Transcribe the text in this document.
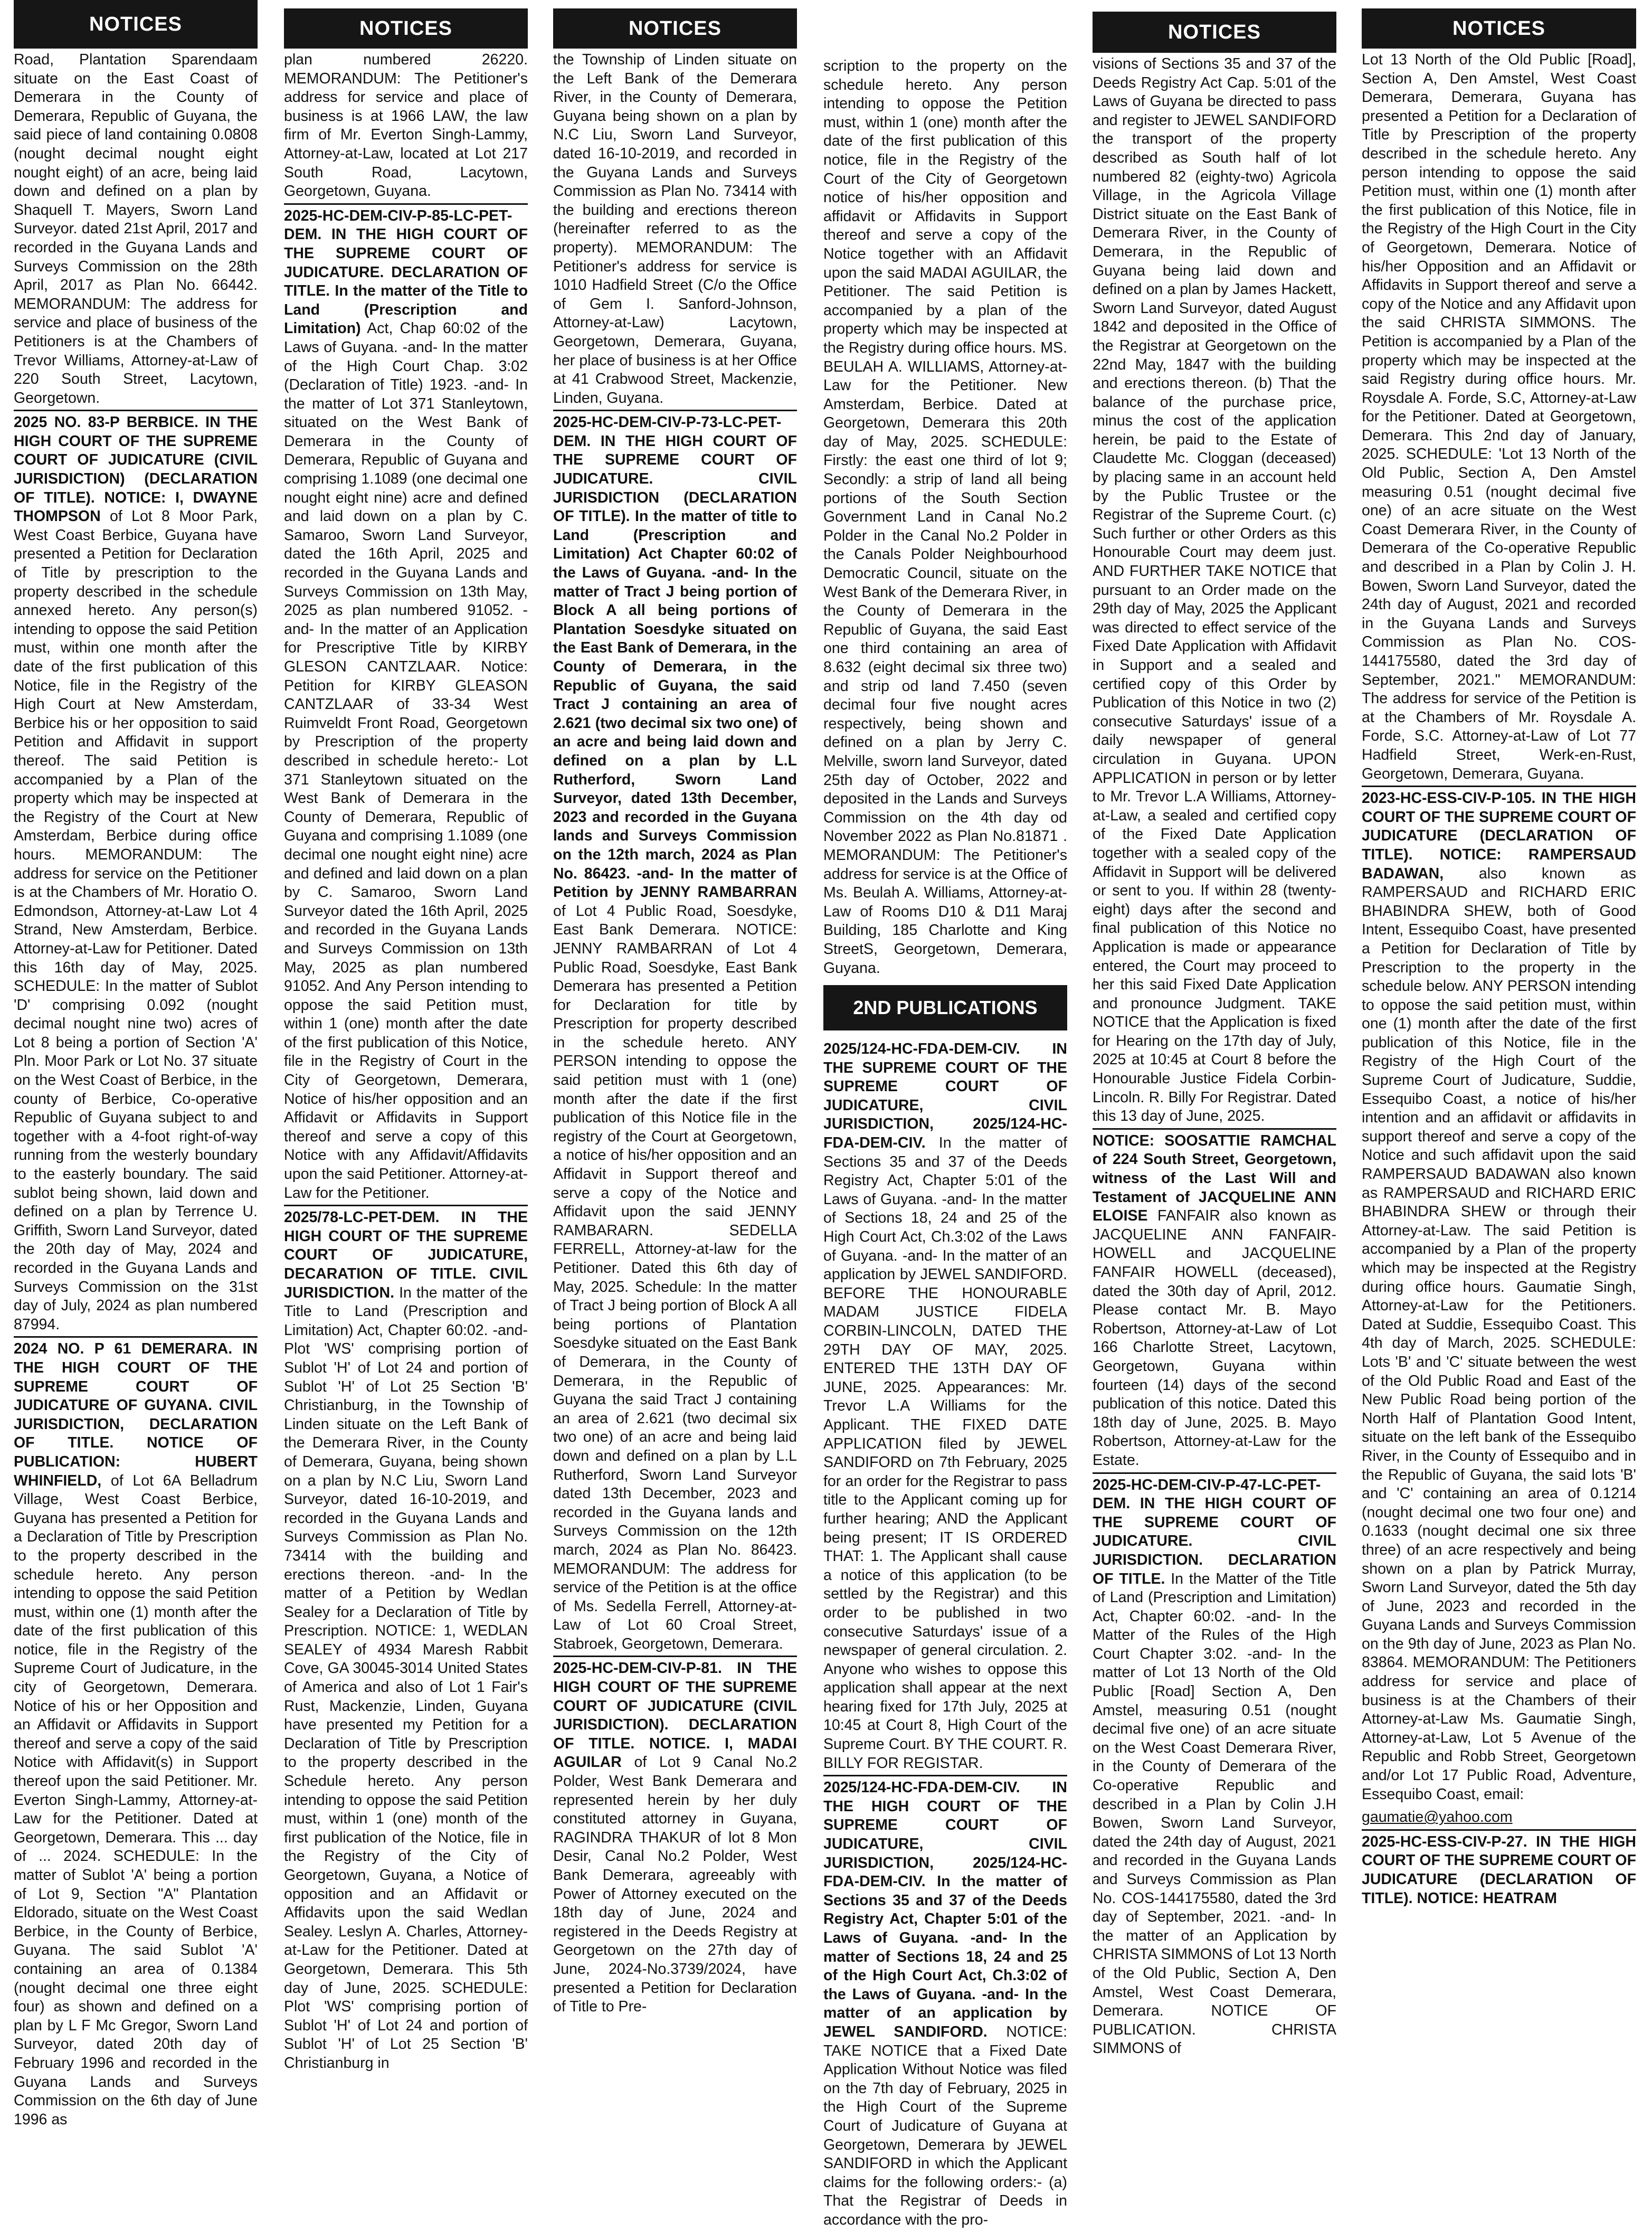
NOTICES

Road, Plantation Sparendaam situate on the East Coast of Demerara in the County of Demerara, Republic of Guyana, the said piece of land containing 0.0808 (nought decimal nought eight nought eight) of an acre, being laid down and defined on a plan by Shaquell T. Mayers, Sworn Land Surveyor. dated 21st April, 2017 and recorded in the Guyana Lands and Surveys Commission on the 28th April, 2017 as Plan No. 66442. MEMORANDUM: The address for service and place of business of the Petitioners is at the Chambers of Trevor Williams, Attorney-at-Law of 220 South Street, Lacytown, Georgetown.

2025 NO. 83-P BERBICE. IN THE HIGH COURT OF THE SUPREME COURT OF JUDICATURE (CIVIL JURISDICTION) (DECLARATION OF TITLE). NOTICE: I, DWAYNE THOMPSON of Lot 8 Moor Park, West Coast Berbice, Guyana have presented a Petition for Declaration of Title by prescription to the property described in the schedule annexed hereto. Any person(s) intending to oppose the said Petition must, within one month after the date of the first publication of this Notice, file in the Registry of the High Court at New Amsterdam, Berbice his or her opposition to said Petition and Affidavit in support thereof. The said Petition is accompanied by a Plan of the property which may be inspected at the Registry of the Court at New Amsterdam, Berbice during office hours. MEMORANDUM: The address for service on the Petitioner is at the Chambers of Mr. Horatio O. Edmondson, Attorney-at-Law Lot 4 Strand, New Amsterdam, Berbice. Attorney-at-Law for Petitioner. Dated this 16th day of May, 2025. SCHEDULE: In the matter of Sublot 'D' comprising 0.092 (nought decimal nought nine two) acres of Lot 8 being a portion of Section 'A' Pln. Moor Park or Lot No. 37 situate on the West Coast of Berbice, in the county of Berbice, Co-operative Republic of Guyana subject to and together with a 4-foot right-of-way running from the westerly boundary to the easterly boundary. The said sublot being shown, laid down and defined on a plan by Terrence U. Griffith, Sworn Land Surveyor, dated the 20th day of May, 2024 and recorded in the Guyana Lands and Surveys Commission on the 31st day of July, 2024 as plan numbered 87994.

2024 NO. P 61 DEMERARA. IN THE HIGH COURT OF THE SUPREME COURT OF JUDICATURE OF GUYANA. CIVIL JURISDICTION, DECLARATION OF TITLE. NOTICE OF PUBLICATION: HUBERT WHINFIELD, of Lot 6A Belladrum Village, West Coast Berbice, Guyana has presented a Petition for a Declaration of Title by Prescription to the property described in the schedule hereto. Any person intending to oppose the said Petition must, within one (1) month after the date of the first publication of this notice, file in the Registry of the Supreme Court of Judicature, in the city of Georgetown, Demerara. Notice of his or her Opposition and an Affidavit or Affidavits in Support thereof and serve a copy of the said Notice with Affidavit(s) in Support thereof upon the said Petitioner. Mr. Everton Singh-Lammy, Attorney-at-Law for the Petitioner. Dated at Georgetown, Demerara. This ... day of ... 2024. SCHEDULE: In the matter of Sublot 'A' being a portion of Lot 9, Section "A" Plantation Eldorado, situate on the West Coast Berbice, in the County of Berbice, Guyana. The said Sublot 'A' containing an area of 0.1384 (nought decimal one three eight four) as shown and defined on a plan by L F Mc Gregor, Sworn Land Surveyor, dated 20th day of February 1996 and recorded in the Guyana Lands and Surveys Commission on the 6th day of June 1996 as

NOTICES

plan numbered 26220. MEMORANDUM: The Petitioner's address for service and place of business is at 1966 LAW, the law firm of Mr. Everton Singh-Lammy, Attorney-at-Law, located at Lot 217 South Road, Lacytown, Georgetown, Guyana.

2025-HC-DEM-CIV-P-85-LC-PET-DEM. IN THE HIGH COURT OF THE SUPREME COURT OF JUDICATURE. DECLARATION OF TITLE. In the matter of the Title to Land (Prescription and Limitation) Act, Chap 60:02 of the Laws of Guyana. -and- In the matter of the High Court Chap. 3:02 (Declaration of Title) 1923. -and- In the matter of Lot 371 Stanleytown, situated on the West Bank of Demerara in the County of Demerara, Republic of Guyana and comprising 1.1089 (one decimal one nought eight nine) acre and defined and laid down on a plan by C. Samaroo, Sworn Land Surveyor, dated the 16th April, 2025 and recorded in the Guyana Lands and Surveys Commission on 13th May, 2025 as plan numbered 91052. -and- In the matter of an Application for Prescriptive Title by KIRBY GLESON CANTZLAAR. Notice: Petition for KIRBY GLEASON CANTZLAAR of 33-34 West Ruimveldt Front Road, Georgetown by Prescription of the property described in schedule hereto:- Lot 371 Stanleytown situated on the West Bank of Demerara in the County of Demerara, Republic of Guyana and comprising 1.1089 (one decimal one nought eight nine) acre and defined and laid down on a plan by C. Samaroo, Sworn Land Surveyor dated the 16th April, 2025 and recorded in the Guyana Lands and Surveys Commission on 13th May, 2025 as plan numbered 91052. And Any Person intending to oppose the said Petition must, within 1 (one) month after the date of the first publication of this Notice, file in the Registry of Court in the City of Georgetown, Demerara, Notice of his/her opposition and an Affidavit or Affidavits in Support thereof and serve a copy of this Notice with any Affidavit/Affidavits upon the said Petitioner. Attorney-at-Law for the Petitioner.

2025/78-LC-PET-DEM. IN THE HIGH COURT OF THE SUPREME COURT OF JUDICATURE, DECARATION OF TITLE. CIVIL JURISDICTION. In the matter of the Title to Land (Prescription and Limitation) Act, Chapter 60:02. -and- Plot 'WS' comprising portion of Sublot 'H' of Lot 24 and portion of Sublot 'H' of Lot 25 Section 'B' Christianburg, in the Township of Linden situate on the Left Bank of the Demerara River, in the County of Demerara, Guyana, being shown on a plan by N.C Liu, Sworn Land Surveyor, dated 16-10-2019, and recorded in the Guyana Lands and Surveys Commission as Plan No. 73414 with the building and erections thereon. -and- In the matter of a Petition by Wedlan Sealey for a Declaration of Title by Prescription. NOTICE: 1, WEDLAN SEALEY of 4934 Maresh Rabbit Cove, GA 30045-3014 United States of America and also of Lot 1 Fair's Rust, Mackenzie, Linden, Guyana have presented my Petition for a Declaration of Title by Prescription to the property described in the Schedule hereto. Any person intending to oppose the said Petition must, within 1 (one) month of the first publication of the Notice, file in the Registry of the City of Georgetown, Guyana, a Notice of opposition and an Affidavit or Affidavits upon the said Wedlan Sealey. Leslyn A. Charles, Attorney-at-Law for the Petitioner. Dated at Georgetown, Demerara. This 5th day of June, 2025. SCHEDULE: Plot 'WS' comprising portion of Sublot 'H' of Lot 24 and portion of Sublot 'H' of Lot 25 Section 'B' Christianburg in

NOTICES

the Township of Linden situate on the Left Bank of the Demerara River, in the County of Demerara, Guyana being shown on a plan by N.C Liu, Sworn Land Surveyor, dated 16-10-2019, and recorded in the Guyana Lands and Surveys Commission as Plan No. 73414 with the building and erections thereon (hereinafter referred to as the property). MEMORANDUM: The Petitioner's address for service is 1010 Hadfield Street (C/o the Office of Gem I. Sanford-Johnson, Attorney-at-Law) Lacytown, Georgetown, Demerara, Guyana, her place of business is at her Office at 41 Crabwood Street, Mackenzie, Linden, Guyana.

2025-HC-DEM-CIV-P-73-LC-PET-DEM. IN THE HIGH COURT OF THE SUPREME COURT OF JUDICATURE. CIVIL JURISDICTION (DECLARATION OF TITLE). In the matter of title to Land (Prescription and Limitation) Act Chapter 60:02 of the Laws of Guyana. -and- In the matter of Tract J being portion of Block A all being portions of Plantation Soesdyke situated on the East Bank of Demerara, in the County of Demerara, in the Republic of Guyana, the said Tract J containing an area of 2.621 (two decimal six two one) of an acre and being laid down and defined on a plan by L.L Rutherford, Sworn Land Surveyor, dated 13th December, 2023 and recorded in the Guyana lands and Surveys Commission on the 12th march, 2024 as Plan No. 86423. -and- In the matter of Petition by JENNY RAMBARRAN of Lot 4 Public Road, Soesdyke, East Bank Demerara. NOTICE: JENNY RAMBARRAN of Lot 4 Public Road, Soesdyke, East Bank Demerara has presented a Petition for Declaration for title by Prescription for property described in the schedule hereto. ANY PERSON intending to oppose the said petition must with 1 (one) month after the date if the first publication of this Notice file in the registry of the Court at Georgetown, a notice of his/her opposition and an Affidavit in Support thereof and serve a copy of the Notice and Affidavit upon the said JENNY RAMBARARN. SEDELLA FERRELL, Attorney-at-law for the Petitioner. Dated this 6th day of May, 2025. Schedule: In the matter of Tract J being portion of Block A all being portions of Plantation Soesdyke situated on the East Bank of Demerara, in the County of Demerara, in the Republic of Guyana the said Tract J containing an area of 2.621 (two decimal six two one) of an acre and being laid down and defined on a plan by L.L Rutherford, Sworn Land Surveyor dated 13th December, 2023 and recorded in the Guyana lands and Surveys Commission on the 12th march, 2024 as Plan No. 86423. MEMORANDUM: The address for service of the Petition is at the office of Ms. Sedella Ferrell, Attorney-at-Law of Lot 60 Croal Street, Stabroek, Georgetown, Demerara.

2025-HC-DEM-CIV-P-81. IN THE HIGH COURT OF THE SUPREME COURT OF JUDICATURE (CIVIL JURISDICTION). DECLARATION OF TITLE. NOTICE. I, MADAI AGUILAR of Lot 9 Canal No.2 Polder, West Bank Demerara and represented herein by her duly constituted attorney in Guyana, RAGINDRA THAKUR of lot 8 Mon Desir, Canal No.2 Polder, West Bank Demerara, agreeably with Power of Attorney executed on the 18th day of June, 2024 and registered in the Deeds Registry at Georgetown on the 27th day of June, 2024-No.3739/2024, have presented a Petition for Declaration of Title to Pre-

scription to the property on the schedule hereto. Any person intending to oppose the Petition must, within 1 (one) month after the date of the first publication of this notice, file in the Registry of the Court of the City of Georgetown notice of his/her opposition and affidavit or Affidavits in Support thereof and serve a copy of the Notice together with an Affidavit upon the said MADAI AGUILAR, the Petitioner. The said Petition is accompanied by a plan of the property which may be inspected at the Registry during office hours. MS. BEULAH A. WILLIAMS, Attorney-at-Law for the Petitioner. New Amsterdam, Berbice. Dated at Georgetown, Demerara this 20th day of May, 2025. SCHEDULE: Firstly: the east one third of lot 9; Secondly: a strip of land all being portions of the South Section Government Land in Canal No.2 Polder in the Canal No.2 Polder in the Canals Polder Neighbourhood Democratic Council, situate on the West Bank of the Demerara River, in the County of Demerara in the Republic of Guyana, the said East one third containing an area of 8.632 (eight decimal six three two) and strip od land 7.450 (seven decimal four five nought acres respectively, being shown and defined on a plan by Jerry C. Melville, sworn land Surveyor, dated 25th day of October, 2022 and deposited in the Lands and Surveys Commission on the 4th day od November 2022 as Plan No.81871 . MEMORANDUM: The Petitioner's address for service is at the Office of Ms. Beulah A. Williams, Attorney-at-Law of Rooms D10 & D11 Maraj Building, 185 Charlotte and King StreetS, Georgetown, Demerara, Guyana.

2ND PUBLICATIONS

2025/124-HC-FDA-DEM-CIV. IN THE SUPREME COURT OF THE SUPREME COURT OF JUDICATURE, CIVIL JURISDICTION, 2025/124-HC-FDA-DEM-CIV. In the matter of Sections 35 and 37 of the Deeds Registry Act, Chapter 5:01 of the Laws of Guyana. -and- In the matter of Sections 18, 24 and 25 of the High Court Act, Ch.3:02 of the Laws of Guyana. -and- In the matter of an application by JEWEL SANDIFORD. BEFORE THE HONOURABLE MADAM JUSTICE FIDELA CORBIN-LINCOLN, DATED THE 29TH DAY OF MAY, 2025. ENTERED THE 13TH DAY OF JUNE, 2025. Appearances: Mr. Trevor L.A Williams for the Applicant. THE FIXED DATE APPLICATION filed by JEWEL SANDIFORD on 7th February, 2025 for an order for the Registrar to pass title to the Applicant coming up for further hearing; AND the Applicant being present; IT IS ORDERED THAT: 1. The Applicant shall cause a notice of this application (to be settled by the Registrar) and this order to be published in two consecutive Saturdays' issue of a newspaper of general circulation. 2. Anyone who wishes to oppose this application shall appear at the next hearing fixed for 17th July, 2025 at 10:45 at Court 8, High Court of the Supreme Court. BY THE COURT. R. BILLY FOR REGISTAR.

2025/124-HC-FDA-DEM-CIV. IN THE HIGH COURT OF THE SUPREME COURT OF JUDICATURE, CIVIL JURISDICTION, 2025/124-HC-FDA-DEM-CIV. In the matter of Sections 35 and 37 of the Deeds Registry Act, Chapter 5:01 of the Laws of Guyana. -and- In the matter of Sections 18, 24 and 25 of the High Court Act, Ch.3:02 of the Laws of Guyana. -and- In the matter of an application by JEWEL SANDIFORD. NOTICE: TAKE NOTICE that a Fixed Date Application Without Notice was filed on the 7th day of February, 2025 in the High Court of the Supreme Court of Judicature of Guyana at Georgetown, Demerara by JEWEL SANDIFORD in which the Applicant claims for the following orders:- (a) That the Registrar of Deeds in accordance with the pro-

NOTICES

visions of Sections 35 and 37 of the Deeds Registry Act Cap. 5:01 of the Laws of Guyana be directed to pass and register to JEWEL SANDIFORD the transport of the property described as South half of lot numbered 82 (eighty-two) Agricola Village, in the Agricola Village District situate on the East Bank of Demerara River, in the County of Demerara, in the Republic of Guyana being laid down and defined on a plan by James Hackett, Sworn Land Surveyor, dated August 1842 and deposited in the Office of the Registrar at Georgetown on the 22nd May, 1847 with the building and erections thereon. (b) That the balance of the purchase price, minus the cost of the application herein, be paid to the Estate of Claudette Mc. Cloggan (deceased) by placing same in an account held by the Public Trustee or the Registrar of the Supreme Court. (c) Such further or other Orders as this Honourable Court may deem just. AND FURTHER TAKE NOTICE that pursuant to an Order made on the 29th day of May, 2025 the Applicant was directed to effect service of the Fixed Date Application with Affidavit in Support and a sealed and certified copy of this Order by Publication of this Notice in two (2) consecutive Saturdays' issue of a daily newspaper of general circulation in Guyana. UPON APPLICATION in person or by letter to Mr. Trevor L.A Williams, Attorney-at-Law, a sealed and certified copy of the Fixed Date Application together with a sealed copy of the Affidavit in Support will be delivered or sent to you. If within 28 (twenty-eight) days after the second and final publication of this Notice no Application is made or appearance entered, the Court may proceed to her this said Fixed Date Application and pronounce Judgment. TAKE NOTICE that the Application is fixed for Hearing on the 17th day of July, 2025 at 10:45 at Court 8 before the Honourable Justice Fidela Corbin-Lincoln. R. Billy For Registrar. Dated this 13 day of June, 2025.

NOTICE: SOOSATTIE RAMCHAL of 224 South Street, Georgetown, witness of the Last Will and Testament of JACQUELINE ANN ELOISE FANFAIR also known as JACQUELINE ANN FANFAIR-HOWELL and JACQUELINE FANFAIR HOWELL (deceased), dated the 30th day of April, 2012. Please contact Mr. B. Mayo Robertson, Attorney-at-Law of Lot 166 Charlotte Street, Lacytown, Georgetown, Guyana within fourteen (14) days of the second publication of this notice. Dated this 18th day of June, 2025. B. Mayo Robertson, Attorney-at-Law for the Estate.

2025-HC-DEM-CIV-P-47-LC-PET-DEM. IN THE HIGH COURT OF THE SUPREME COURT OF JUDICATURE. CIVIL JURISDICTION. DECLARATION OF TITLE. In the Matter of the Title of Land (Prescription and Limitation) Act, Chapter 60:02. -and- In the Matter of the Rules of the High Court Chapter 3:02. -and- In the matter of Lot 13 North of the Old Public [Road] Section A, Den Amstel, measuring 0.51 (nought decimal five one) of an acre situate on the West Coast Demerara River, in the County of Demerara of the Co-operative Republic and described in a Plan by Colin J.H Bowen, Sworn Land Surveyor, dated the 24th day of August, 2021 and recorded in the Guyana Lands and Surveys Commission as Plan No. COS-144175580, dated the 3rd day of September, 2021. -and- In the matter of an Application by CHRISTA SIMMONS of Lot 13 North of the Old Public, Section A, Den Amstel, West Coast Demerara, Demerara. NOTICE OF PUBLICATION. CHRISTA SIMMONS of

NOTICES

Lot 13 North of the Old Public [Road], Section A, Den Amstel, West Coast Demerara, Demerara, Guyana has presented a Petition for a Declaration of Title by Prescription of the property described in the schedule hereto. Any person intending to oppose the said Petition must, within one (1) month after the first publication of this Notice, file in the Registry of the High Court in the City of Georgetown, Demerara. Notice of his/her Opposition and an Affidavit or Affidavits in Support thereof and serve a copy of the Notice and any Affidavit upon the said CHRISTA SIMMONS. The Petition is accompanied by a Plan of the property which may be inspected at the said Registry during office hours. Mr. Roysdale A. Forde, S.C, Attorney-at-Law for the Petitioner. Dated at Georgetown, Demerara. This 2nd day of January, 2025. SCHEDULE: 'Lot 13 North of the Old Public, Section A, Den Amstel measuring 0.51 (nought decimal five one) of an acre situate on the West Coast Demerara River, in the County of Demerara of the Co-operative Republic and described in a Plan by Colin J. H. Bowen, Sworn Land Surveyor, dated the 24th day of August, 2021 and recorded in the Guyana Lands and Surveys Commission as Plan No. COS-144175580, dated the 3rd day of September, 2021." MEMORANDUM: The address for service of the Petition is at the Chambers of Mr. Roysdale A. Forde, S.C. Attorney-at-Law of Lot 77 Hadfield Street, Werk-en-Rust, Georgetown, Demerara, Guyana.

2023-HC-ESS-CIV-P-105. IN THE HIGH COURT OF THE SUPREME COURT OF JUDICATURE (DECLARATION OF TITLE). NOTICE: RAMPERSAUD BADAWAN, also known as RAMPERSAUD and RICHARD ERIC BHABINDRA SHEW, both of Good Intent, Essequibo Coast, have presented a Petition for Declaration of Title by Prescription to the property in the schedule below. ANY PERSON intending to oppose the said petition must, within one (1) month after the date of the first publication of this Notice, file in the Registry of the High Court of the Supreme Court of Judicature, Suddie, Essequibo Coast, a notice of his/her intention and an affidavit or affidavits in support thereof and serve a copy of the Notice and such affidavit upon the said RAMPERSAUD BADAWAN also known as RAMPERSAUD and RICHARD ERIC BHABINDRA SHEW or through their Attorney-at-Law. The said Petition is accompanied by a Plan of the property which may be inspected at the Registry during office hours. Gaumatie Singh, Attorney-at-Law for the Petitioners. Dated at Suddie, Essequibo Coast. This 4th day of March, 2025. SCHEDULE: Lots 'B' and 'C' situate between the west of the Old Public Road and East of the New Public Road being portion of the North Half of Plantation Good Intent, situate on the left bank of the Essequibo River, in the County of Essequibo and in the Republic of Guyana, the said lots 'B' and 'C' containing an area of 0.1214 (nought decimal one two four one) and 0.1633 (nought decimal one six three three) of an acre respectively and being shown on a plan by Patrick Murray, Sworn Land Surveyor, dated the 5th day of June, 2023 and recorded in the Guyana Lands and Surveys Commission on the 9th day of June, 2023 as Plan No. 83864. MEMORANDUM: The Petitioners address for service and place of business is at the Chambers of their Attorney-at-Law Ms. Gaumatie Singh, Attorney-at-Law, Lot 5 Avenue of the Republic and Robb Street, Georgetown and/or Lot 17 Public Road, Adventure, Essequibo Coast, email:

gaumatie@yahoo.com

2025-HC-ESS-CIV-P-27. IN THE HIGH COURT OF THE SUPREME COURT OF JUDICATURE (DECLARATION OF TITLE). NOTICE: HEATRAM
